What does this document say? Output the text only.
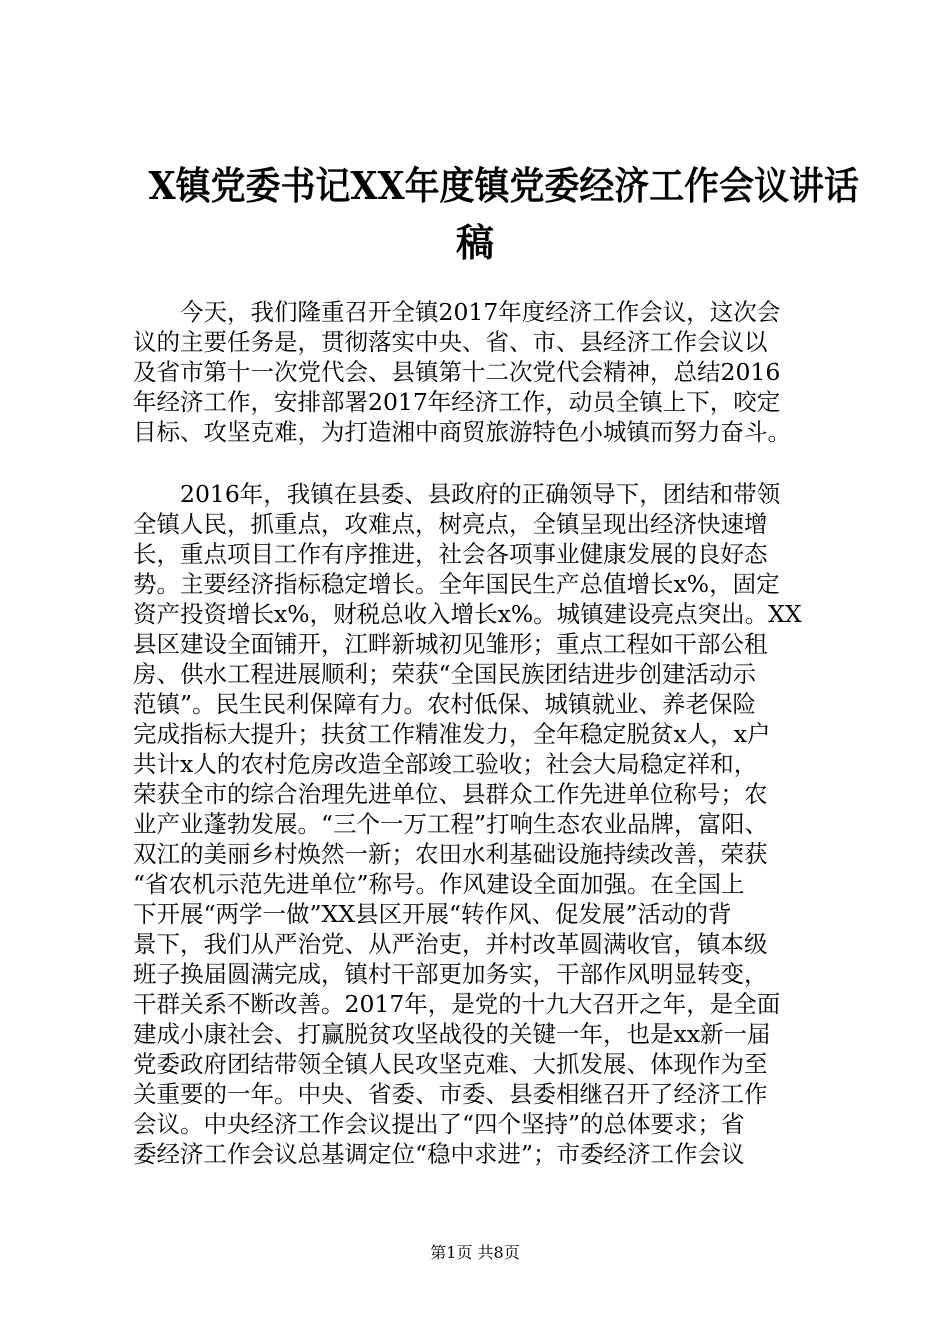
X镇党委书记XX年度镇党委经济工作会议讲话
稿
　　今天，我们隆重召开全镇2017年度经济工作会议，这次会
议的主要任务是，贯彻落实中央、省、市、县经济工作会议以
及省市第十一次党代会、县镇第十二次党代会精神，总结2016
年经济工作，安排部署2017年经济工作，动员全镇上下，咬定
目标、攻坚克难，为打造湘中商贸旅游特色小城镇而努力奋斗。
　　2016年，我镇在县委、县政府的正确领导下，团结和带领
全镇人民，抓重点，攻难点，树亮点，全镇呈现出经济快速增
长，重点项目工作有序推进，社会各项事业健康发展的良好态
势。主要经济指标稳定增长。全年国民生产总值增长x%，固定
资产投资增长x%，财税总收入增长x%。城镇建设亮点突出。XX
县区建设全面铺开，江畔新城初见雏形；重点工程如干部公租
房、供水工程进展顺利；荣获“全国民族团结进步创建活动示
范镇”。民生民利保障有力。农村低保、城镇就业、养老保险
完成指标大提升；扶贫工作精准发力，全年稳定脱贫x人，x户
共计x人的农村危房改造全部竣工验收；社会大局稳定祥和，
荣获全市的综合治理先进单位、县群众工作先进单位称号；农
业产业蓬勃发展。“三个一万工程”打响生态农业品牌，富阳、
双江的美丽乡村焕然一新；农田水利基础设施持续改善，荣获
“省农机示范先进单位”称号。作风建设全面加强。在全国上
下开展“两学一做”XX县区开展“转作风、促发展”活动的背
景下，我们从严治党、从严治吏，并村改革圆满收官，镇本级
班子换届圆满完成，镇村干部更加务实，干部作风明显转变，
干群关系不断改善。2017年，是党的十九大召开之年，是全面
建成小康社会、打赢脱贫攻坚战役的关键一年，也是xx新一届
党委政府团结带领全镇人民攻坚克难、大抓发展、体现作为至
关重要的一年。中央、省委、市委、县委相继召开了经济工作
会议。中央经济工作会议提出了“四个坚持”的总体要求；省
委经济工作会议总基调定位“稳中求进”；市委经济工作会议
第1页 共8页
